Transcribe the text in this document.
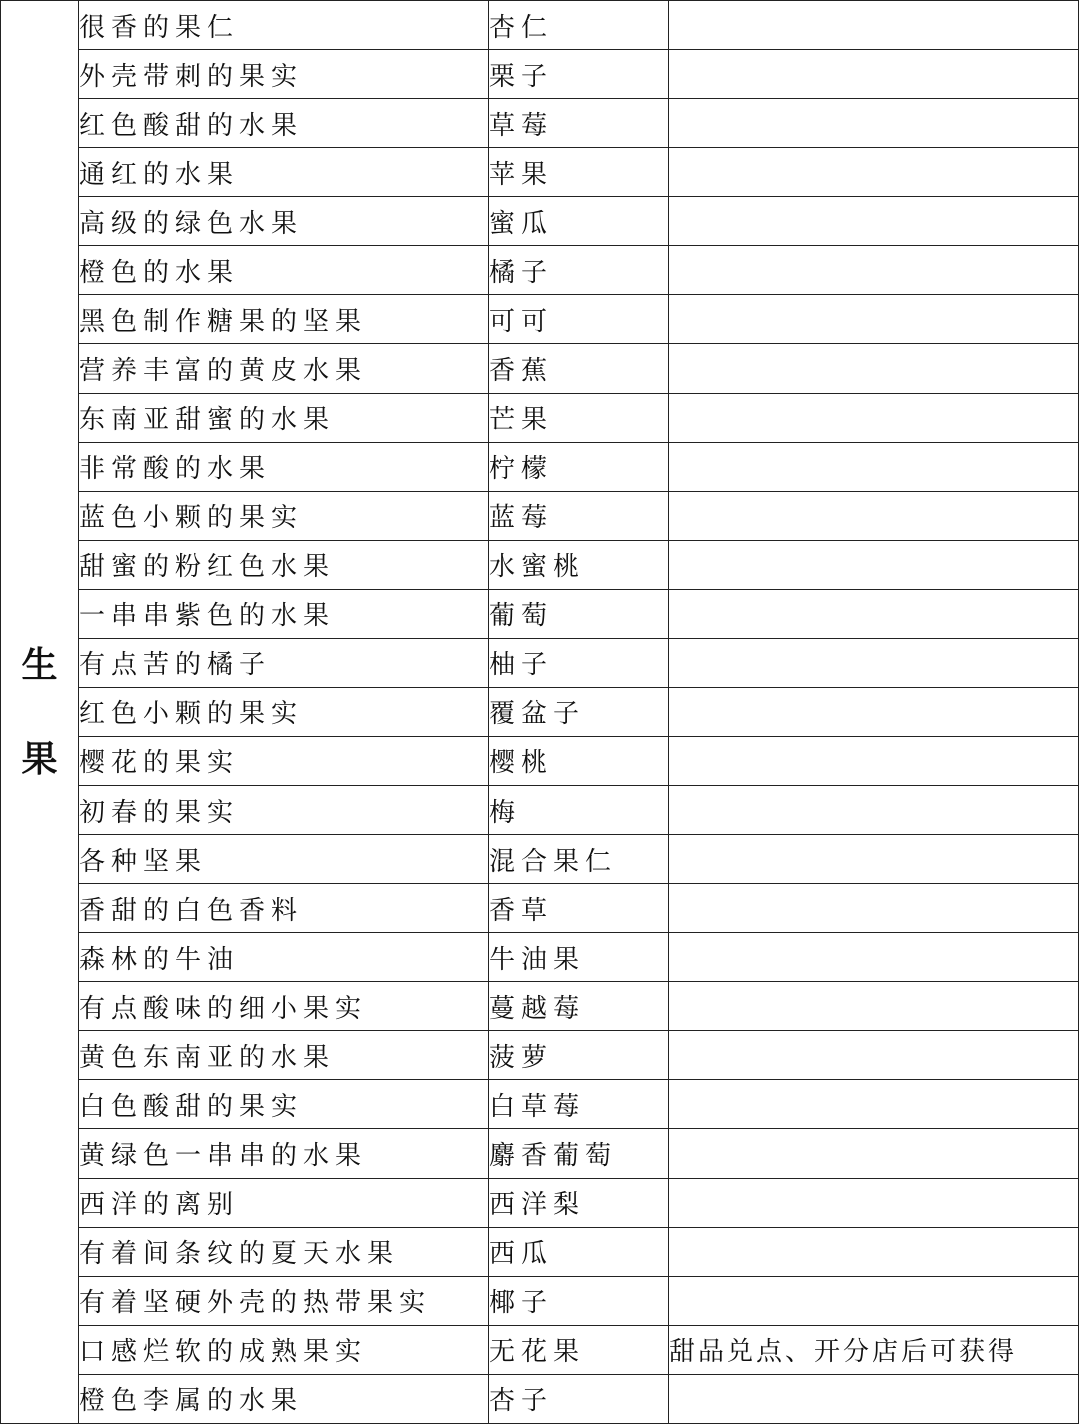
生果	很香的果仁	杏仁	
	外壳带刺的果实	栗子	
	红色酸甜的水果	草莓	
	通红的水果	苹果	
	高级的绿色水果	蜜瓜	
	橙色的水果	橘子	
	黑色制作糖果的坚果	可可	
	营养丰富的黄皮水果	香蕉	
	东南亚甜蜜的水果	芒果	
	非常酸的水果	柠檬	
	蓝色小颗的果实	蓝莓	
	甜蜜的粉红色水果	水蜜桃	
	一串串紫色的水果	葡萄	
	有点苦的橘子	柚子	
	红色小颗的果实	覆盆子	
	樱花的果实	樱桃	
	初春的果实	梅	
	各种坚果	混合果仁	
	香甜的白色香料	香草	
	森林的牛油	牛油果	
	有点酸味的细小果实	蔓越莓	
	黄色东南亚的水果	菠萝	
	白色酸甜的果实	白草莓	
	黄绿色一串串的水果	麝香葡萄	
	西洋的离别	西洋梨	
	有着间条纹的夏天水果	西瓜	
	有着坚硬外壳的热带果实	椰子	
	口感烂软的成熟果实	无花果	甜品兑点、开分店后可获得
	橙色李属的水果	杏子	
